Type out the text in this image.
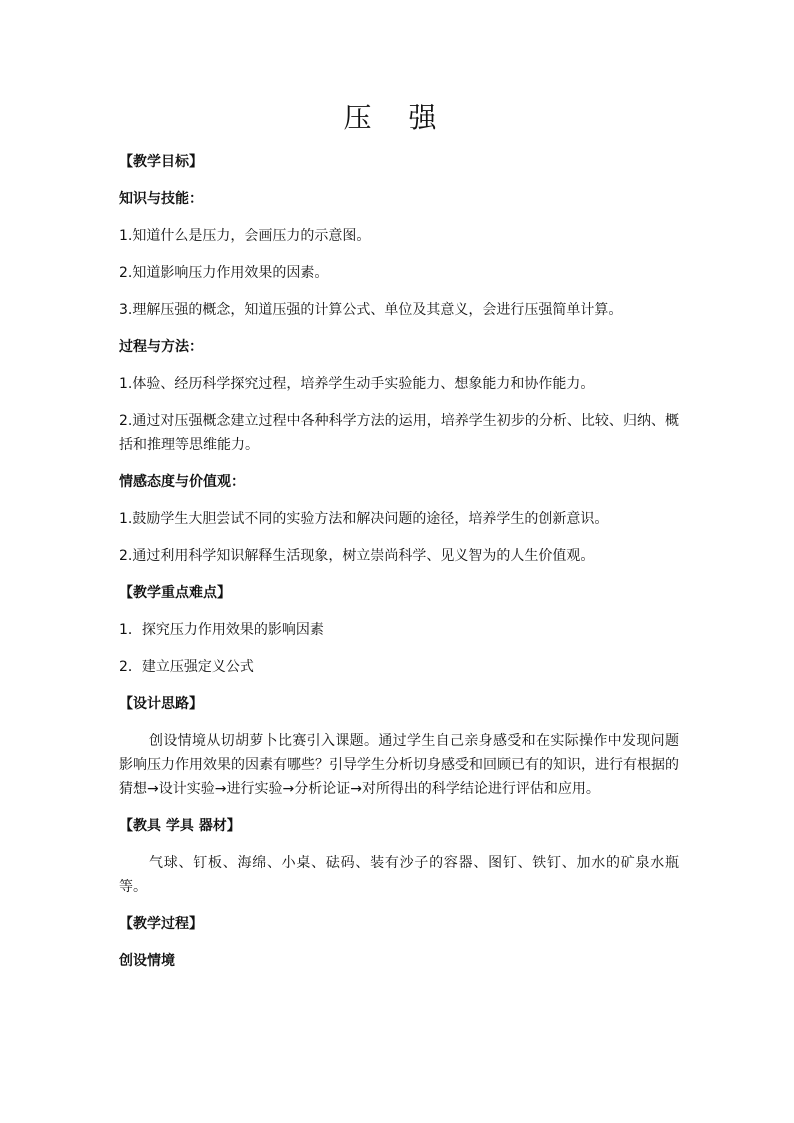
压 强
【教学目标】
知识与技能：
1.知道什么是压力，会画压力的示意图。
2.知道影响压力作用效果的因素。
3.理解压强的概念，知道压强的计算公式、单位及其意义，会进行压强简单计算。
过程与方法：
1.体验、经历科学探究过程，培养学生动手实验能力、想象能力和协作能力。
2.通过对压强概念建立过程中各种科学方法的运用，培养学生初步的分析、比较、归纳、概括和推理等思维能力。
情感态度与价值观：
1.鼓励学生大胆尝试不同的实验方法和解决问题的途径，培养学生的创新意识。
2.通过利用科学知识解释生活现象，树立崇尚科学、见义智为的人生价值观。
【教学重点难点】
1．探究压力作用效果的影响因素
2．建立压强定义公式
【设计思路】
创设情境从切胡萝卜比赛引入课题。通过学生自己亲身感受和在实际操作中发现问题 影响压力作用效果的因素有哪些？引导学生分析切身感受和回顾已有的知识，进行有根据的猜想→设计实验→进行实验→分析论证→对所得出的科学结论进行评估和应用。
【教具 学具 器材】
气球、钉板、海绵、小桌、砝码、装有沙子的容器、图钉、铁钉、加水的矿泉水瓶等。
【教学过程】
创设情境
